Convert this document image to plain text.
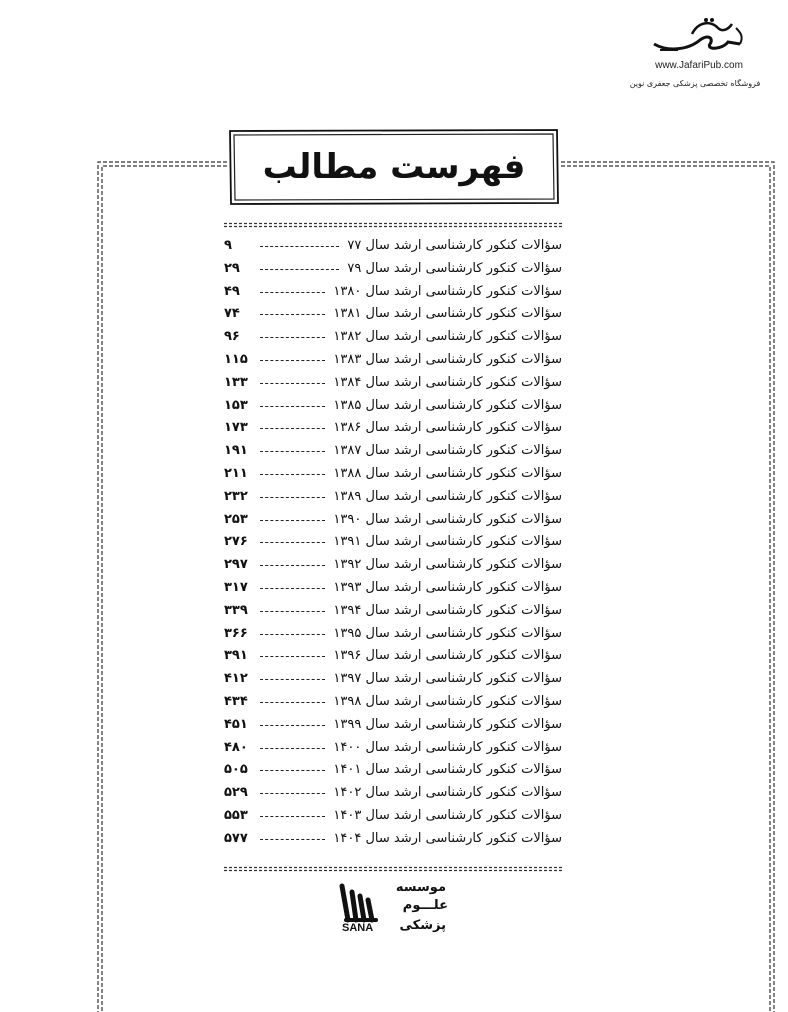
www.JafariPub.com
فروشگاه تخصصی پزشکی جعفری نوین
فهرست مطالب
سؤالات کنکور کارشناسی ارشد سال ۷۷
۹
سؤالات کنکور کارشناسی ارشد سال ۷۹
۲۹
سؤالات کنکور کارشناسی ارشد سال ۱۳۸۰
۴۹
سؤالات کنکور کارشناسی ارشد سال ۱۳۸۱
۷۴
سؤالات کنکور کارشناسی ارشد سال ۱۳۸۲
۹۶
سؤالات کنکور کارشناسی ارشد سال ۱۳۸۳
۱۱۵
سؤالات کنکور کارشناسی ارشد سال ۱۳۸۴
۱۳۳
سؤالات کنکور کارشناسی ارشد سال ۱۳۸۵
۱۵۳
سؤالات کنکور کارشناسی ارشد سال ۱۳۸۶
۱۷۳
سؤالات کنکور کارشناسی ارشد سال ۱۳۸۷
۱۹۱
سؤالات کنکور کارشناسی ارشد سال ۱۳۸۸
۲۱۱
سؤالات کنکور کارشناسی ارشد سال ۱۳۸۹
۲۳۲
سؤالات کنکور کارشناسی ارشد سال ۱۳۹۰
۲۵۳
سؤالات کنکور کارشناسی ارشد سال ۱۳۹۱
۲۷۶
سؤالات کنکور کارشناسی ارشد سال ۱۳۹۲
۲۹۷
سؤالات کنکور کارشناسی ارشد سال ۱۳۹۳
۳۱۷
سؤالات کنکور کارشناسی ارشد سال ۱۳۹۴
۳۳۹
سؤالات کنکور کارشناسی ارشد سال ۱۳۹۵
۳۶۶
سؤالات کنکور کارشناسی ارشد سال ۱۳۹۶
۳۹۱
سؤالات کنکور کارشناسی ارشد سال ۱۳۹۷
۴۱۲
سؤالات کنکور کارشناسی ارشد سال ۱۳۹۸
۴۳۴
سؤالات کنکور کارشناسی ارشد سال ۱۳۹۹
۴۵۱
سؤالات کنکور کارشناسی ارشد سال ۱۴۰۰
۴۸۰
سؤالات کنکور کارشناسی ارشد سال ۱۴۰۱
۵۰۵
سؤالات کنکور کارشناسی ارشد سال ۱۴۰۲
۵۲۹
سؤالات کنکور کارشناسی ارشد سال ۱۴۰۳
۵۵۳
سؤالات کنکور کارشناسی ارشد سال ۱۴۰۴
۵۷۷
موسسه
علـــوم
پزشکی
SANA
